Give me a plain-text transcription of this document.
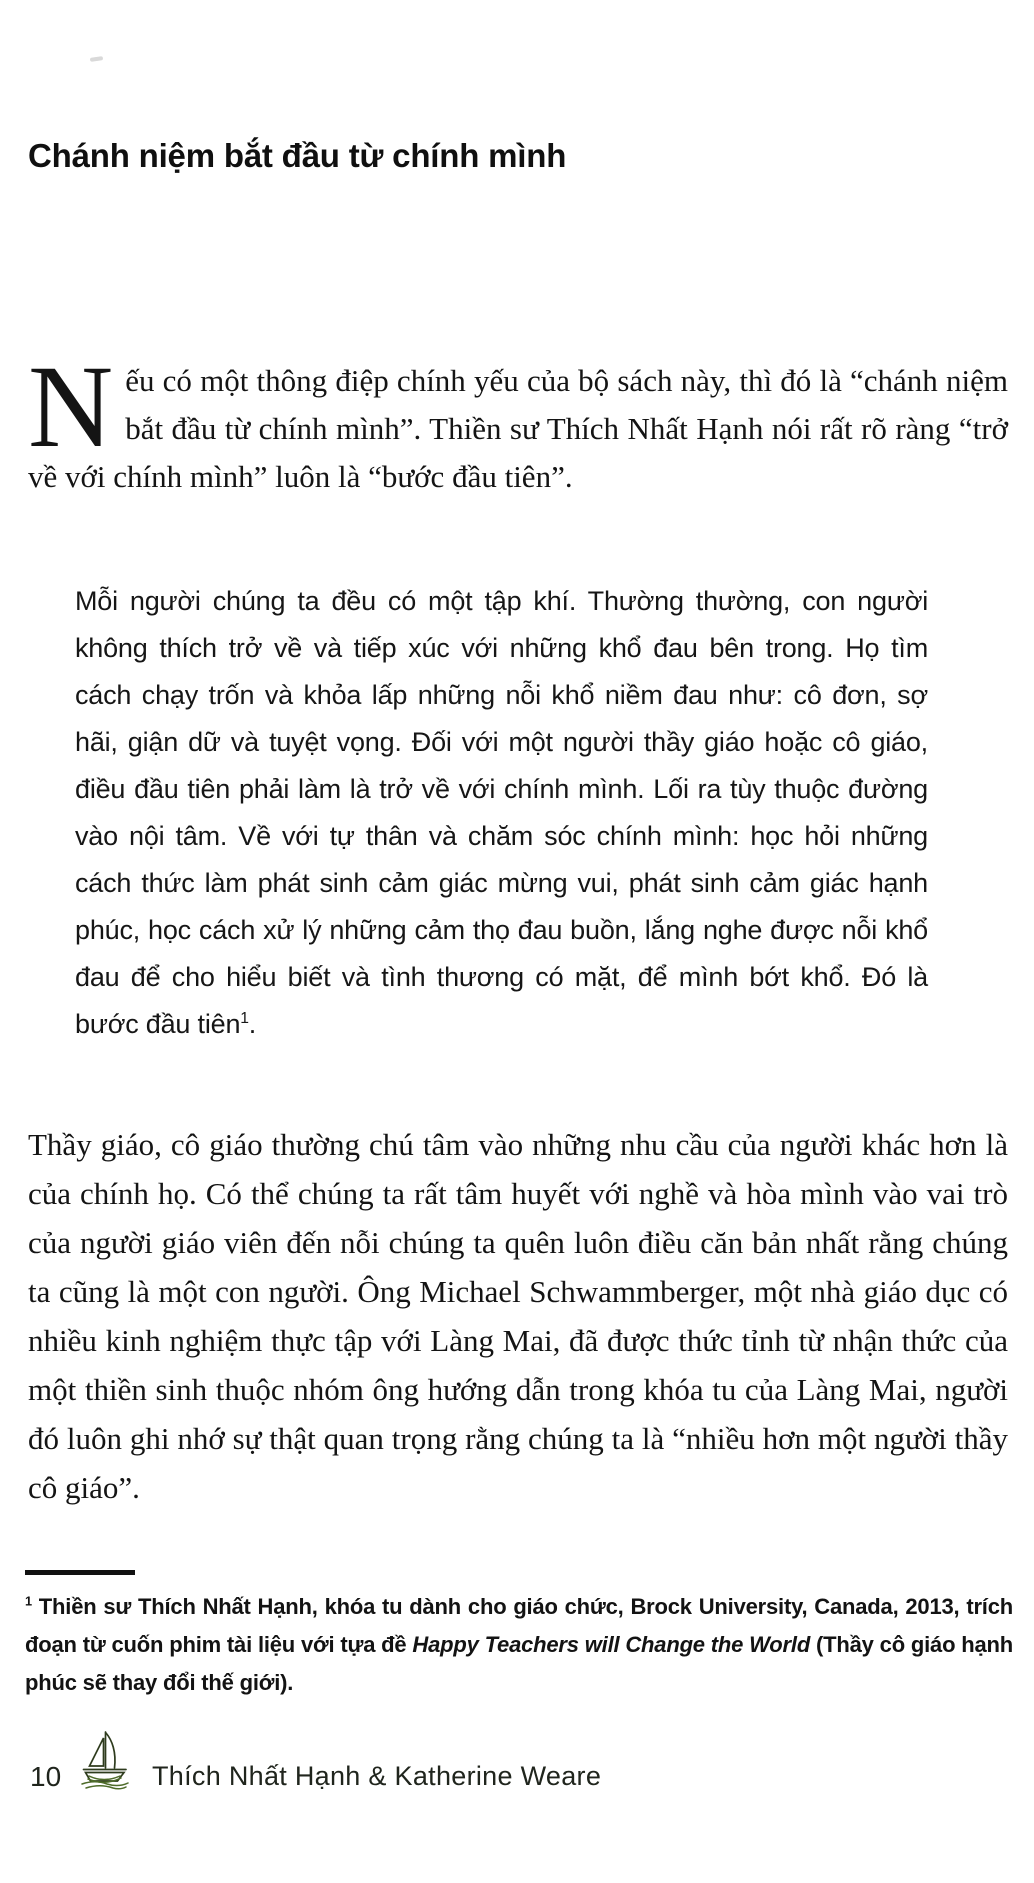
Chánh niệm bắt đầu từ chính mình

Nếu có một thông điệp chính yếu của bộ sách này, thì đó là “chánh niệm bắt đầu từ chính mình”. Thiền sư Thích Nhất Hạnh nói rất rõ ràng “trở về với chính mình” luôn là “bước đầu tiên”.

Mỗi người chúng ta đều có một tập khí. Thường thường, con người không thích trở về và tiếp xúc với những khổ đau bên trong. Họ tìm cách chạy trốn và khỏa lấp những nỗi khổ niềm đau như: cô đơn, sợ hãi, giận dữ và tuyệt vọng. Đối với một người thầy giáo hoặc cô giáo, điều đầu tiên phải làm là trở về với chính mình. Lối ra tùy thuộc đường vào nội tâm. Về với tự thân và chăm sóc chính mình: học hỏi những cách thức làm phát sinh cảm giác mừng vui, phát sinh cảm giác hạnh phúc, học cách xử lý những cảm thọ đau buồn, lắng nghe được nỗi khổ đau để cho hiểu biết và tình thương có mặt, để mình bớt khổ. Đó là bước đầu tiên$^1$.

Thầy giáo, cô giáo thường chú tâm vào những nhu cầu của người khác hơn là của chính họ. Có thể chúng ta rất tâm huyết với nghề và hòa mình vào vai trò của người giáo viên đến nỗi chúng ta quên luôn điều căn bản nhất rằng chúng ta cũng là một con người. Ông Michael Schwammberger, một nhà giáo dục có nhiều kinh nghiệm thực tập với Làng Mai, đã được thức tỉnh từ nhận thức của một thiền sinh thuộc nhóm ông hướng dẫn trong khóa tu của Làng Mai, người đó luôn ghi nhớ sự thật quan trọng rằng chúng ta là “nhiều hơn một người thầy cô giáo”.

$^1$ Thiền sư Thích Nhất Hạnh, khóa tu dành cho giáo chức, Brock University, Canada, 2013, trích đoạn từ cuốn phim tài liệu với tựa đề Happy Teachers will Change the World (Thầy cô giáo hạnh phúc sẽ thay đổi thế giới).
10	Thích Nhất Hạnh & Katherine Weare
